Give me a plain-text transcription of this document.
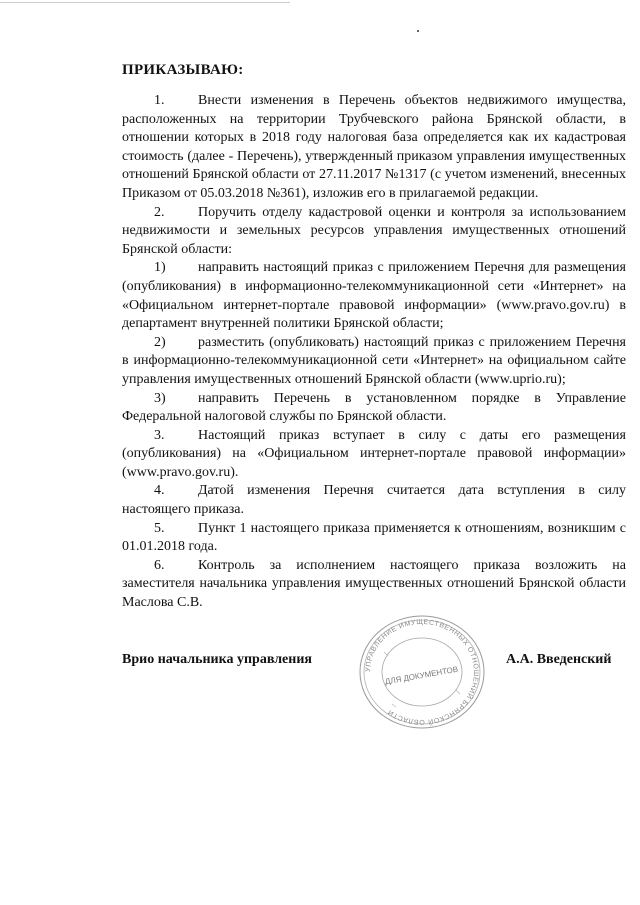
ПРИКАЗЫВАЮ:

1. Внести изменения в Перечень объектов недвижимого имущества, расположенных на территории Трубчевского района Брянской области, в отношении которых в 2018 году налоговая база определяется как их кадастровая стоимость (далее - Перечень), утвержденный приказом управления имущественных отношений Брянской области от 27.11.2017 №1317 (с учетом изменений, внесенных Приказом от 05.03.2018 №361), изложив его в прилагаемой редакции.

2. Поручить отделу кадастровой оценки и контроля за использованием недвижимости и земельных ресурсов управления имущественных отношений Брянской области:

1) направить настоящий приказ с приложением Перечня для размещения (опубликования) в информационно-телекоммуникационной сети «Интернет» на «Официальном интернет-портале правовой информации» (www.pravo.gov.ru) в департамент внутренней политики Брянской области;

2) разместить (опубликовать) настоящий приказ с приложением Перечня в информационно-телекоммуникационной сети «Интернет» на официальном сайте управления имущественных отношений Брянской области (www.uprio.ru);

3) направить Перечень в установленном порядке в Управление Федеральной налоговой службы по Брянской области.

3. Настоящий приказ вступает в силу с даты его размещения (опубликования) на «Официальном интернет-портале правовой информации» (www.pravo.gov.ru).

4. Датой изменения Перечня считается дата вступления в силу настоящего приказа.

5. Пункт 1 настоящего приказа применяется к отношениям, возникшим с 01.01.2018 года.

6. Контроль за исполнением настоящего приказа возложить на заместителя начальника управления имущественных отношений Брянской области Маслова С.В.

Врио начальника управления
УПРАВЛЕНИЕ ИМУЩЕСТВЕННЫХ ОТНОШЕНИЙ БРЯНСКОЙ ОБЛАСТИ
ДЛЯ ДОКУМЕНТОВ
А.А. Введенский
